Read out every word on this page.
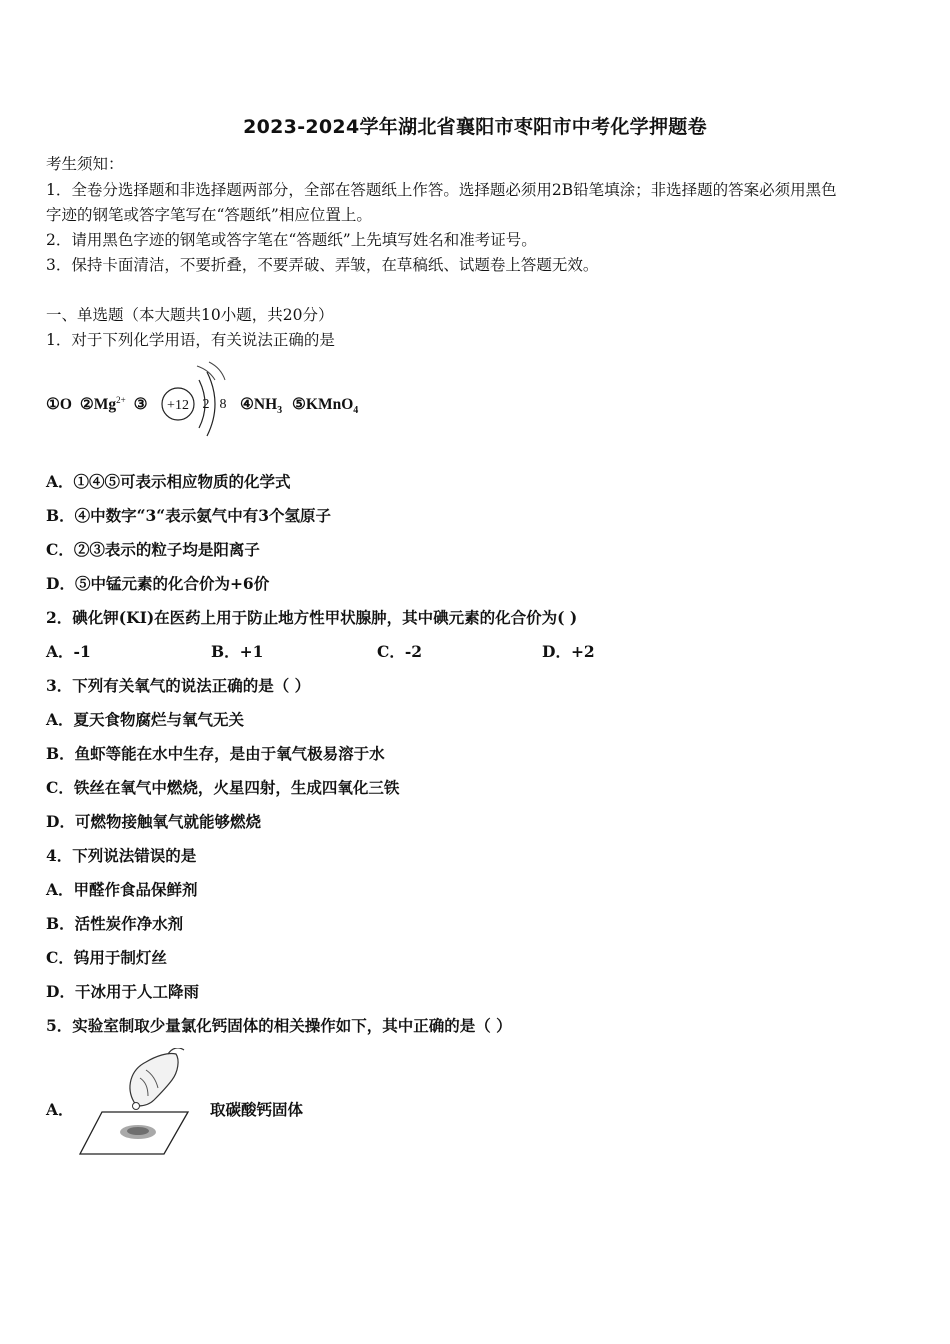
2023-2024学年湖北省襄阳市枣阳市中考化学押题卷
考生须知：
1．全卷分选择题和非选择题两部分，全部在答题纸上作答。选择题必须用2B铅笔填涂；非选择题的答案必须用黑色
字迹的钢笔或答字笔写在“答题纸”相应位置上。
2．请用黑色字迹的钢笔或答字笔在“答题纸”上先填写姓名和准考证号。
3．保持卡面清洁，不要折叠，不要弄破、弄皱，在草稿纸、试题卷上答题无效。
一、单选题（本大题共10小题，共20分）
1．对于下列化学用语，有关说法正确的是
①O $②Mg^{2+}$ ③	$④NH_3$ ⑤KMnO$_4$
+12 2 8
A．①④⑤可表示相应物质的化学式
B．④中数字“3“表示氨气中有3个氢原子
C．②③表示的粒子均是阳离子
D．⑤中锰元素的化合价为+6价
2．碘化钾(KI)在医药上用于防止地方性甲状腺肿，其中碘元素的化合价为( )
A．-1	B．+1	C．-2	D．+2
3．下列有关氧气的说法正确的是（ ）
A．夏天食物腐烂与氧气无关
B．鱼虾等能在水中生存，是由于氧气极易溶于水
C．铁丝在氧气中燃烧，火星四射，生成四氧化三铁
D．可燃物接触氧气就能够燃烧
4．下列说法错误的是
A．甲醛作食品保鲜剂
B．活性炭作净水剂
C．钨用于制灯丝
D．干冰用于人工降雨
5．实验室制取少量氯化钙固体的相关操作如下，其中正确的是（ ）
A．	取碳酸钙固体
